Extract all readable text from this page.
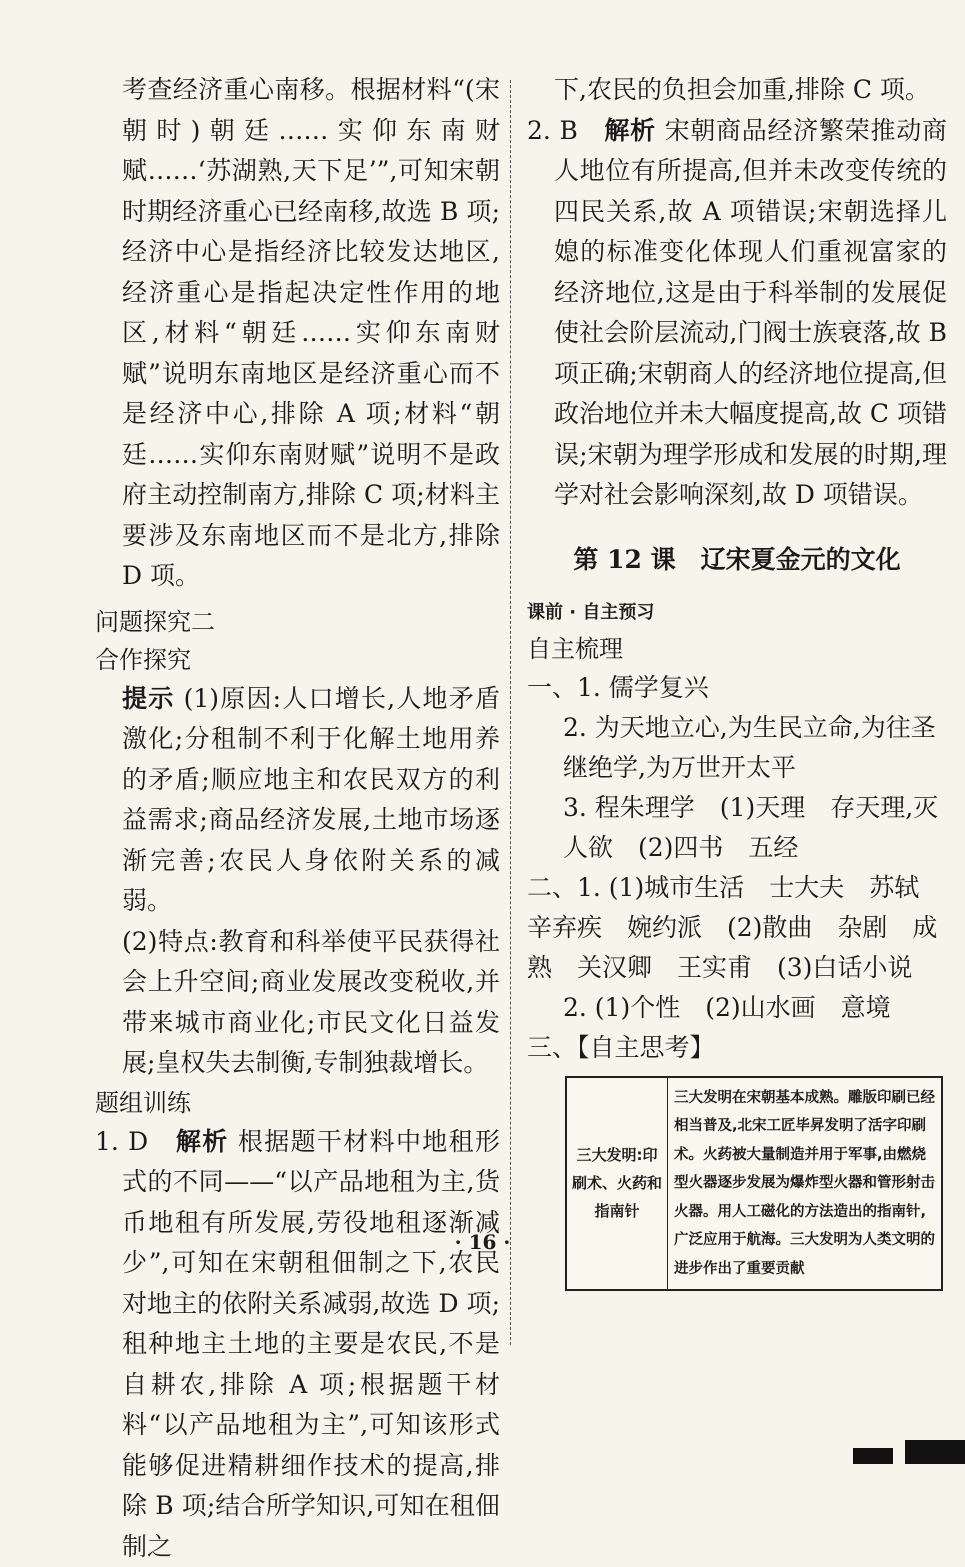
考查经济重心南移。根据材料“(宋朝时)朝廷……实仰东南财赋……‘苏湖熟,天下足’”,可知宋朝时期经济重心已经南移,故选 B 项;经济中心是指经济比较发达地区,经济重心是指起决定性作用的地区,材料“朝廷……实仰东南财赋”说明东南地区是经济重心而不是经济中心,排除 A 项;材料“朝廷……实仰东南财赋”说明不是政府主动控制南方,排除 C 项;材料主要涉及东南地区而不是北方,排除 D 项。

问题探究二

合作探究

提示 (1)原因:人口增长,人地矛盾激化;分租制不利于化解土地用养的矛盾;顺应地主和农民双方的利益需求;商品经济发展,土地市场逐渐完善;农民人身依附关系的减弱。

(2)特点:教育和科举使平民获得社会上升空间;商业发展改变税收,并带来城市商业化;市民文化日益发展;皇权失去制衡,专制独裁增长。

题组训练

1. D　 解析 根据题干材料中地租形式的不同——“以产品地租为主,货币地租有所发展,劳役地租逐渐减少”,可知在宋朝租佃制之下,农民对地主的依附关系减弱,故选 D 项;租种地主土地的主要是农民,不是自耕农,排除 A 项;根据题干材料“以产品地租为主”,可知该形式能够促进精耕细作技术的提高,排除 B 项;结合所学知识,可知在租佃制之

下,农民的负担会加重,排除 C 项。

2. B　 解析 宋朝商品经济繁荣推动商人地位有所提高,但并未改变传统的四民关系,故 A 项错误;宋朝选择儿媳的标准变化体现人们重视富家的经济地位,这是由于科举制的发展促使社会阶层流动,门阀士族衰落,故 B 项正确;宋朝商人的经济地位提高,但政治地位并未大幅度提高,故 C 项错误;宋朝为理学形成和发展的时期,理学对社会影响深刻,故 D 项错误。

第 12 课　辽宋夏金元的文化

课前 · 自主预习

自主梳理

一、1. 儒学复兴

2. 为天地立心,为生民立命,为往圣继绝学,为万世开太平

3. 程朱理学　(1)天理　存天理,灭人欲　(2)四书　五经

二、1. (1)城市生活　士大夫　苏轼　辛弃疾　婉约派　(2)散曲　杂剧　成熟　关汉卿　王实甫　(3)白话小说

2. (1)个性　(2)山水画　意境

三、【自主思考】

三大发明:印刷术、火药和指南针
三大发明在宋朝基本成熟。雕版印刷已经相当普及,北宋工匠毕昇发明了活字印刷术。火药被大量制造并用于军事,由燃烧型火器逐步发展为爆炸型火器和管形射击火器。用人工磁化的方法造出的指南针,广泛应用于航海。三大发明为人类文明的进步作出了重要贡献
· 16 ·
